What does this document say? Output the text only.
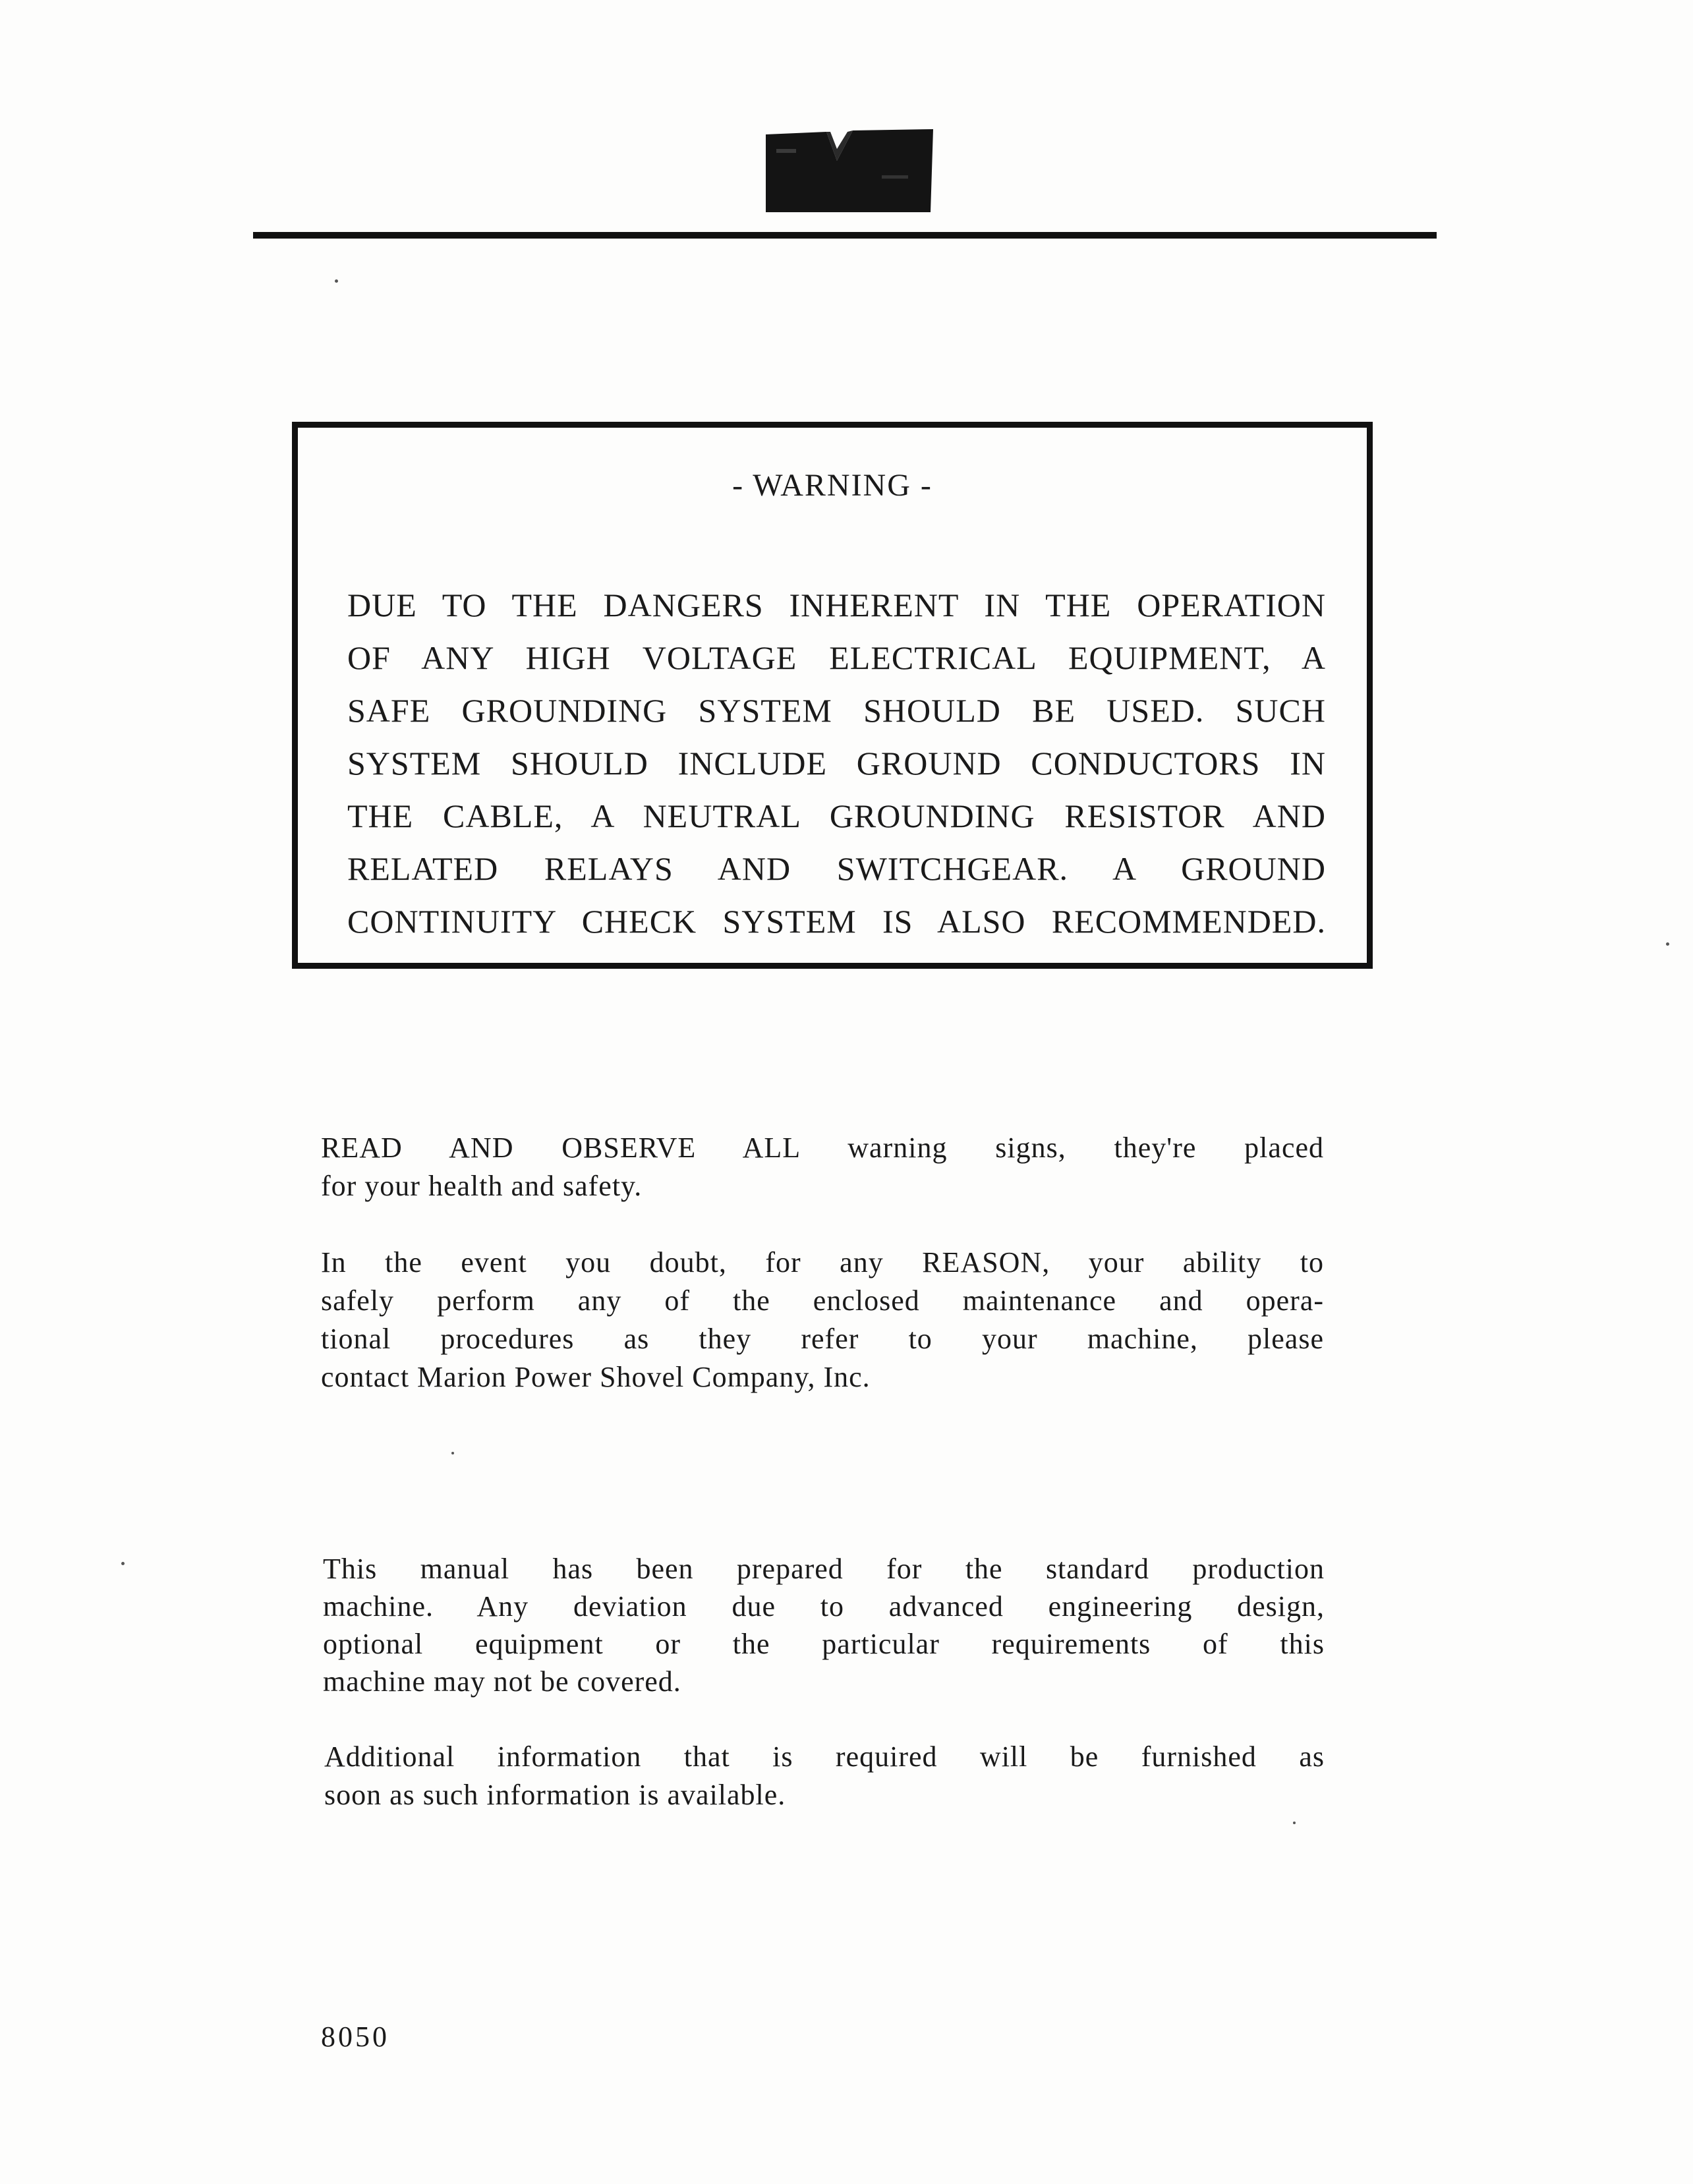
- WARNING -
DUE TO THE DANGERS INHERENT IN THE OPERATION
OF ANY HIGH VOLTAGE ELECTRICAL EQUIPMENT, A
SAFE GROUNDING SYSTEM SHOULD BE USED. SUCH
SYSTEM SHOULD INCLUDE GROUND CONDUCTORS IN
THE CABLE, A NEUTRAL GROUNDING RESISTOR AND
RELATED RELAYS AND SWITCHGEAR. A GROUND
CONTINUITY CHECK SYSTEM IS ALSO RECOMMENDED.
READ AND OBSERVE ALL warning signs, they're placed
for your health and safety.
In the event you doubt, for any REASON, your ability to
safely perform any of the enclosed maintenance and opera-
tional procedures as they refer to your machine, please
contact Marion Power Shovel Company, Inc.
This manual has been prepared for the standard production
machine. Any deviation due to advanced engineering design,
optional equipment or the particular requirements of this
machine may not be covered.
Additional information that is required will be furnished as
soon as such information is available.
8050
